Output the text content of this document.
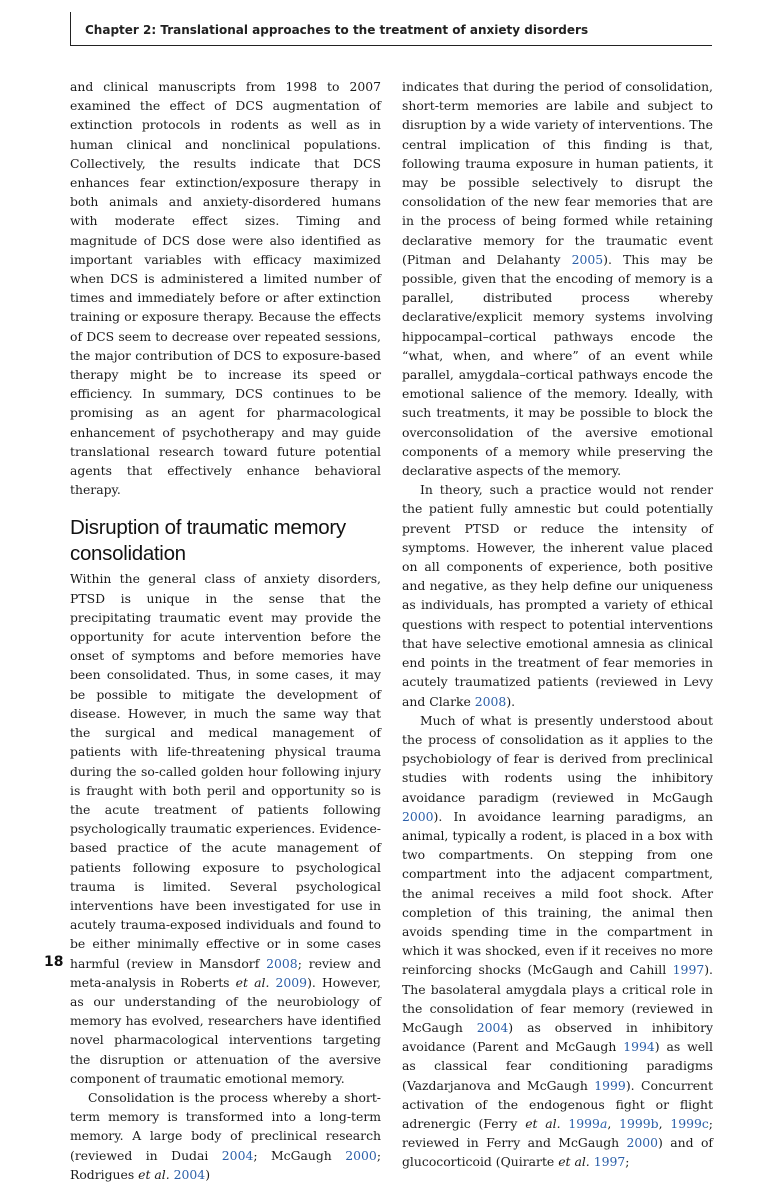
Chapter 2: Translational approaches to the treatment of anxiety disorders

and clinical manuscripts from 1998 to 2007 examined the effect of DCS augmentation of extinction protocols in rodents as well as in human clinical and nonclinical populations. Collectively, the results indicate that DCS enhances fear extinction/exposure therapy in both animals and anxiety-disordered humans with moderate effect sizes. Timing and magnitude of DCS dose were also identified as important variables with efficacy maximized when DCS is administered a limited number of times and immediately before or after extinction training or exposure therapy. Because the effects of DCS seem to decrease over repeated sessions, the major contribution of DCS to exposure-based therapy might be to increase its speed or efficiency. In summary, DCS continues to be promising as an agent for pharmacological enhancement of psychotherapy and may guide translational research toward future potential agents that effectively enhance behavioral therapy.

Disruption of traumatic memory consolidation

Within the general class of anxiety disorders, PTSD is unique in the sense that the precipitating traumatic event may provide the opportunity for acute intervention before the onset of symptoms and before memories have been consolidated. Thus, in some cases, it may be possible to mitigate the development of disease. However, in much the same way that the surgical and medical management of patients with life-threatening physical trauma during the so-called golden hour following injury is fraught with both peril and opportunity so is the acute treatment of patients following psychologically traumatic experiences. Evidence-based practice of the acute management of patients following exposure to psychological trauma is limited. Several psychological interventions have been investigated for use in acutely trauma-exposed individuals and found to be either minimally effective or in some cases harmful (review in Mansdorf 2008; review and meta-analysis in Roberts et al. 2009). However, as our understanding of the neurobiology of memory has evolved, researchers have identified novel pharmacological interventions targeting the disruption or attenuation of the aversive component of traumatic emotional memory.

Consolidation is the process whereby a short-term memory is transformed into a long-term memory. A large body of preclinical research (reviewed in Dudai 2004; McGaugh 2000; Rodrigues et al. 2004)

indicates that during the period of consolidation, short-term memories are labile and subject to disruption by a wide variety of interventions. The central implication of this finding is that, following trauma exposure in human patients, it may be possible selectively to disrupt the consolidation of the new fear memories that are in the process of being formed while retaining declarative memory for the traumatic event (Pitman and Delahanty 2005). This may be possible, given that the encoding of memory is a parallel, distributed process whereby declarative/explicit memory systems involving hippocampal–cortical pathways encode the “what, when, and where” of an event while parallel, amygdala–cortical pathways encode the emotional salience of the memory. Ideally, with such treatments, it may be possible to block the overconsolidation of the aversive emotional components of a memory while preserving the declarative aspects of the memory.

In theory, such a practice would not render the patient fully amnestic but could potentially prevent PTSD or reduce the intensity of symptoms. However, the inherent value placed on all components of experience, both positive and negative, as they help define our uniqueness as individuals, has prompted a variety of ethical questions with respect to potential interventions that have selective emotional amnesia as clinical end points in the treatment of fear memories in acutely traumatized patients (reviewed in Levy and Clarke 2008).

Much of what is presently understood about the process of consolidation as it applies to the psychobiology of fear is derived from preclinical studies with rodents using the inhibitory avoidance paradigm (reviewed in McGaugh 2000). In avoidance learning paradigms, an animal, typically a rodent, is placed in a box with two compartments. On stepping from one compartment into the adjacent compartment, the animal receives a mild foot shock. After completion of this training, the animal then avoids spending time in the compartment in which it was shocked, even if it receives no more reinforcing shocks (McGaugh and Cahill 1997). The basolateral amygdala plays a critical role in the consolidation of fear memory (reviewed in McGaugh 2004) as observed in inhibitory avoidance (Parent and McGaugh 1994) as well as classical fear conditioning paradigms (Vazdarjanova and McGaugh 1999). Concurrent activation of the endogenous fight or flight adrenergic (Ferry et al. 1999a, 1999b, 1999c; reviewed in Ferry and McGaugh 2000) and of glucocorticoid (Quirarte et al. 1997;

18
